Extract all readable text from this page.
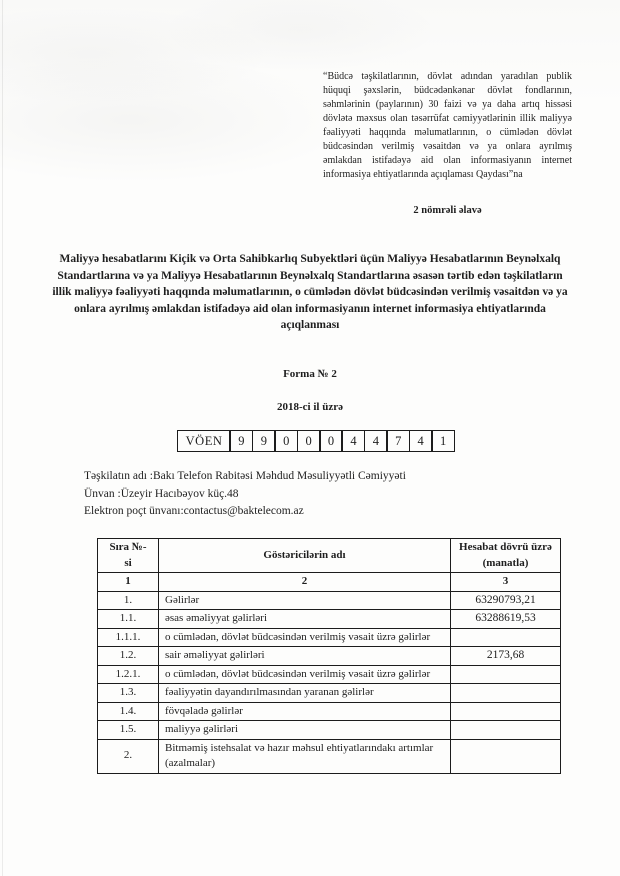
“Büdcə təşkilatlarının, dövlət adından yaradılan publik hüquqi şəxslərin, büdcədənkənar dövlət fondlarının, səhmlərinin (paylarının) 30 faizi və ya daha artıq hissəsi dövlətə məxsus olan təsərrüfat cəmiyyətlərinin illik maliyyə fəaliyyəti haqqında məlumatlarının, o cümlədən dövlət büdcəsindən verilmiş vəsaitdən və ya onlara ayrılmış əmlakdan istifadəyə aid olan informasiyanın internet informasiya ehtiyatlarında açıqlaması Qaydası”na

2 nömrəli əlavə
Maliyyə hesabatlarını Kiçik və Orta Sahibkarlıq Subyektləri üçün Maliyyə Hesabatlarının Beynəlxalq Standartlarına və ya Maliyyə Hesabatlarının Beynəlxalq Standartlarına əsasən tərtib edən təşkilatların illik maliyyə fəaliyyəti haqqında məlumatlarının, o cümlədən dövlət büdcəsindən verilmiş vəsaitdən və ya onlara ayrılmış əmlakdan istifadəyə aid olan informasiyanın internet informasiya ehtiyatlarında açıqlanması
Forma № 2
2018-ci il üzrə
VÖEN	9	9	0	0	0	4	4	7	4	1
Təşkilatın adı :Bakı Telefon Rabitəsi Məhdud Məsuliyyətli Cəmiyyəti
Ünvan :Üzeyir Hacıbəyov küç.48
Elektron poçt ünvanı:contactus@baktelecom.az
Sıra №-si	Göstəricilərin adı	Hesabat dövrü üzrə (manatla)
1	2	3
1.	Gəlirlər	63290793,21
1.1.	əsas əməliyyat gəlirləri	63288619,53
1.1.1.	o cümlədən, dövlət büdcəsindən verilmiş vəsait üzrə gəlirlər	
1.2.	sair əməliyyat gəlirləri	2173,68
1.2.1.	o cümlədən, dövlət büdcəsindən verilmiş vəsait üzrə gəlirlər	
1.3.	fəaliyyətin dayandırılmasından yaranan gəlirlər	
1.4.	fövqəladə gəlirlər	
1.5.	maliyyə gəlirləri	
2.	Bitməmiş istehsalat və hazır məhsul ehtiyatlarındakı artımlar (azalmalar)	
